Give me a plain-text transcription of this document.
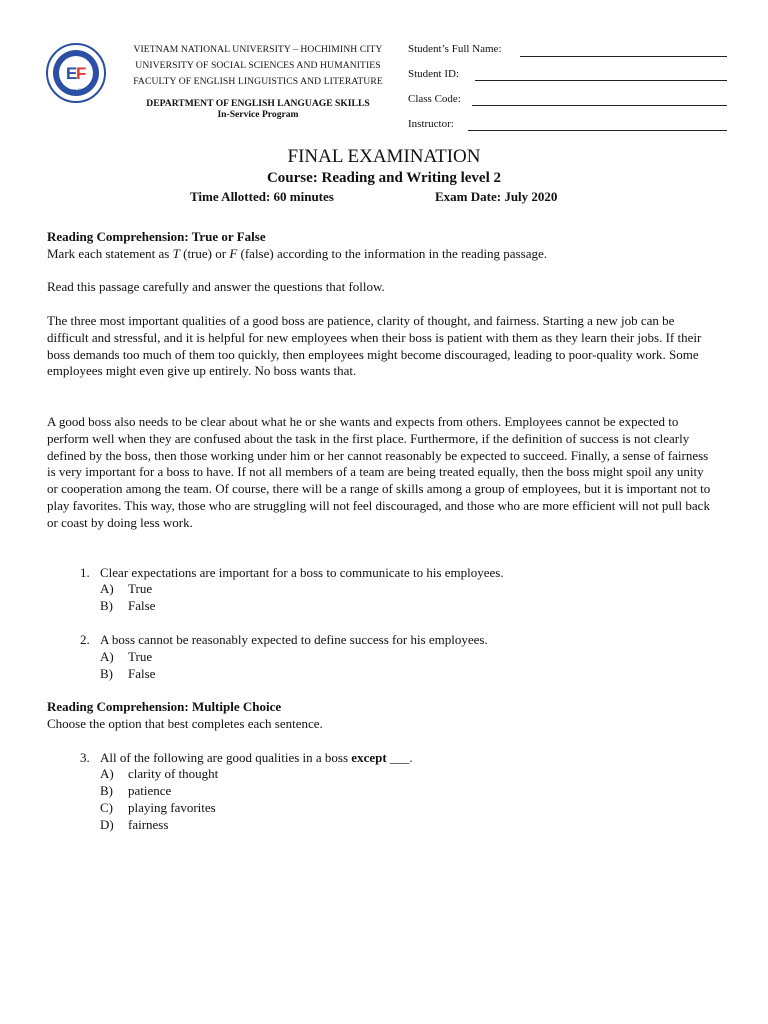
E
F
Since 1957
VIETNAM NATIONAL UNIVERSITY – HOCHIMINH CITY
UNIVERSITY OF SOCIAL SCIENCES AND HUMANITIES
FACULTY OF ENGLISH LINGUISTICS AND LITERATURE
DEPARTMENT OF ENGLISH LANGUAGE SKILLS
In-Service Program
Student’s Full Name:
Student ID:
Class Code:
Instructor:
FINAL EXAMINATION
Course: Reading and Writing level 2
Time Allotted: 60 minutes	Exam Date: July 2020
Reading Comprehension: True or False
Mark each statement as T (true) or F (false) according to the information in the reading passage.
Read this passage carefully and answer the questions that follow.
The three most important qualities of a good boss are patience, clarity of thought, and fairness. Starting a new job can be difficult and stressful, and it is helpful for new employees when their boss is patient with them as they learn their jobs. If their boss demands too much of them too quickly, then employees might become discouraged, leading to poor-quality work. Some employees might even give up entirely. No boss wants that.
A good boss also needs to be clear about what he or she wants and expects from others. Employees cannot be expected to perform well when they are confused about the task in the first place. Furthermore, if the definition of success is not clearly defined by the boss, then those working under him or her cannot reasonably be expected to succeed. Finally, a sense of fairness is very important for a boss to have. If not all members of a team are being treated equally, then the boss might spoil any unity or cooperation among the team. Of course, there will be a range of skills among a group of employees, but it is important not to play favorites. This way, those who are struggling will not feel discouraged, and those who are more efficient will not pull back or coast by doing less work.
1. Clear expectations are important for a boss to communicate to his employees.
A) True
B) False
2. A boss cannot be reasonably expected to define success for his employees.
A) True
B) False
Reading Comprehension: Multiple Choice
Choose the option that best completes each sentence.
3. All of the following are good qualities in a boss except ___.
A) clarity of thought
B) patience
C) playing favorites
D) fairness
